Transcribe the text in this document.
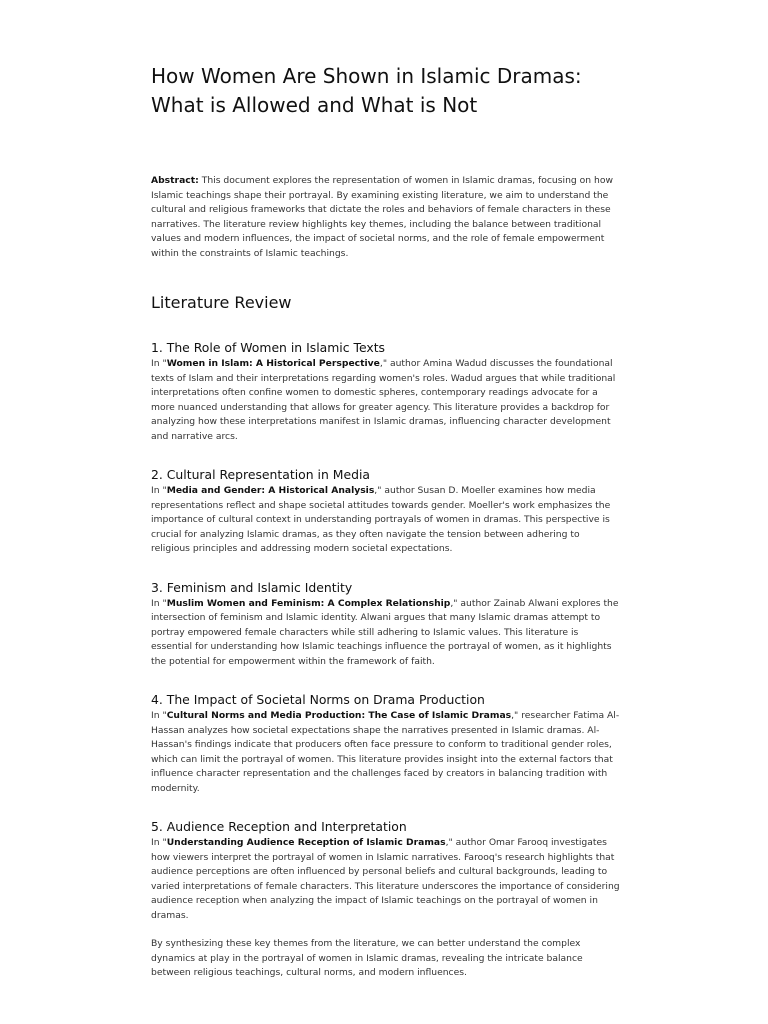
How Women Are Shown in Islamic Dramas:
What is Allowed and What is Not

Abstract: This document explores the representation of women in Islamic dramas, focusing on how Islamic teachings shape their portrayal. By examining existing literature, we aim to understand the cultural and religious frameworks that dictate the roles and behaviors of female characters in these narratives. The literature review highlights key themes, including the balance between traditional values and modern influences, the impact of societal norms, and the role of female empowerment within the constraints of Islamic teachings.

Literature Review
1. The Role of Women in Islamic Texts

In "Women in Islam: A Historical Perspective," author Amina Wadud discusses the foundational texts of Islam and their interpretations regarding women's roles. Wadud argues that while traditional interpretations often confine women to domestic spheres, contemporary readings advocate for a more nuanced understanding that allows for greater agency. This literature provides a backdrop for analyzing how these interpretations manifest in Islamic dramas, influencing character development and narrative arcs.

2. Cultural Representation in Media

In "Media and Gender: A Historical Analysis," author Susan D. Moeller examines how media representations reflect and shape societal attitudes towards gender. Moeller's work emphasizes the importance of cultural context in understanding portrayals of women in dramas. This perspective is crucial for analyzing Islamic dramas, as they often navigate the tension between adhering to religious principles and addressing modern societal expectations.

3. Feminism and Islamic Identity

In "Muslim Women and Feminism: A Complex Relationship," author Zainab Alwani explores the intersection of feminism and Islamic identity. Alwani argues that many Islamic dramas attempt to portray empowered female characters while still adhering to Islamic values. This literature is essential for understanding how Islamic teachings influence the portrayal of women, as it highlights the potential for empowerment within the framework of faith.

4. The Impact of Societal Norms on Drama Production

In "Cultural Norms and Media Production: The Case of Islamic Dramas," researcher Fatima Al-Hassan analyzes how societal expectations shape the narratives presented in Islamic dramas. Al-Hassan's findings indicate that producers often face pressure to conform to traditional gender roles, which can limit the portrayal of women. This literature provides insight into the external factors that influence character representation and the challenges faced by creators in balancing tradition with modernity.

5. Audience Reception and Interpretation

In "Understanding Audience Reception of Islamic Dramas," author Omar Farooq investigates how viewers interpret the portrayal of women in Islamic narratives. Farooq's research highlights that audience perceptions are often influenced by personal beliefs and cultural backgrounds, leading to varied interpretations of female characters. This literature underscores the importance of considering audience reception when analyzing the impact of Islamic teachings on the portrayal of women in dramas.

By synthesizing these key themes from the literature, we can better understand the complex dynamics at play in the portrayal of women in Islamic dramas, revealing the intricate balance between religious teachings, cultural norms, and modern influences.
